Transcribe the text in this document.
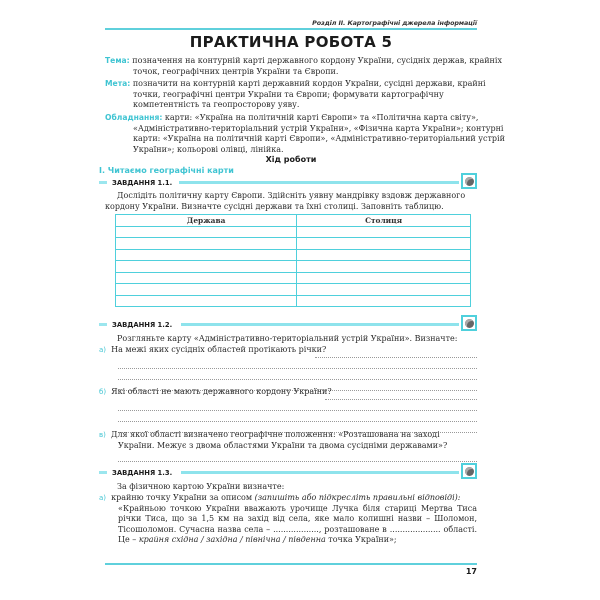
Розділ ІІ. Картографічні джерела інформації
ПРАКТИЧНА РОБОТА 5
Тема: позначення на контурній карті державного кордону України, сусідніх держав, крайніх точок, географічних центрів України та Європи.
Мета: позначити на контурній карті державний кордон України, сусідні держави, крайні точки, географічні центри України та Європи; формувати картографічну компетентність та геопросторову уяву.
Обладнання: карти: «Україна на політичній карті Європи» та «Політична карта світу», «Адміністративно-територіальний устрій України», «Фізична карта України»; контурні карти: «Україна на політичній карті Європи», «Адміністративно-територіальний устрій України»; кольорові олівці, лінійка.
Хід роботи
І. Читаємо географічні карти
ЗАВДАННЯ 1.1.
Дослідіть політичну карту Європи. Здійсніть уявну мандрівку вздовж державного кордону України. Визначте сусідні держави та їхні столиці. Заповніть таблицю.
Держава	Столиця

ЗАВДАННЯ 1.2.
Розгляньте карту «Адміністративно-територіальний устрій України». Визначте:
а) На межі яких сусідніх областей протікають річки?
б) Які області не мають державного кордону України?
в) Для якої області визначено географічне положення: «Розташована на заході України. Межує з двома областями України та двома сусідніми державами»?
ЗАВДАННЯ 1.3.
За фізичною картою України визначте:
а) крайню точку України за описом (запишіть або підкресліть правильні відповіді):
«Крайньою точкою України вважають урочище Лучка біля стариці Мертва Тиса річки Тиса, що за 1,5 км на захід від села, яке мало колишні назви – Шоломон, Тісошоломон. Сучасна назва села – .................., розташоване в .................... області. Це – крайня східна / західна / північна / південна точка України»;
17
